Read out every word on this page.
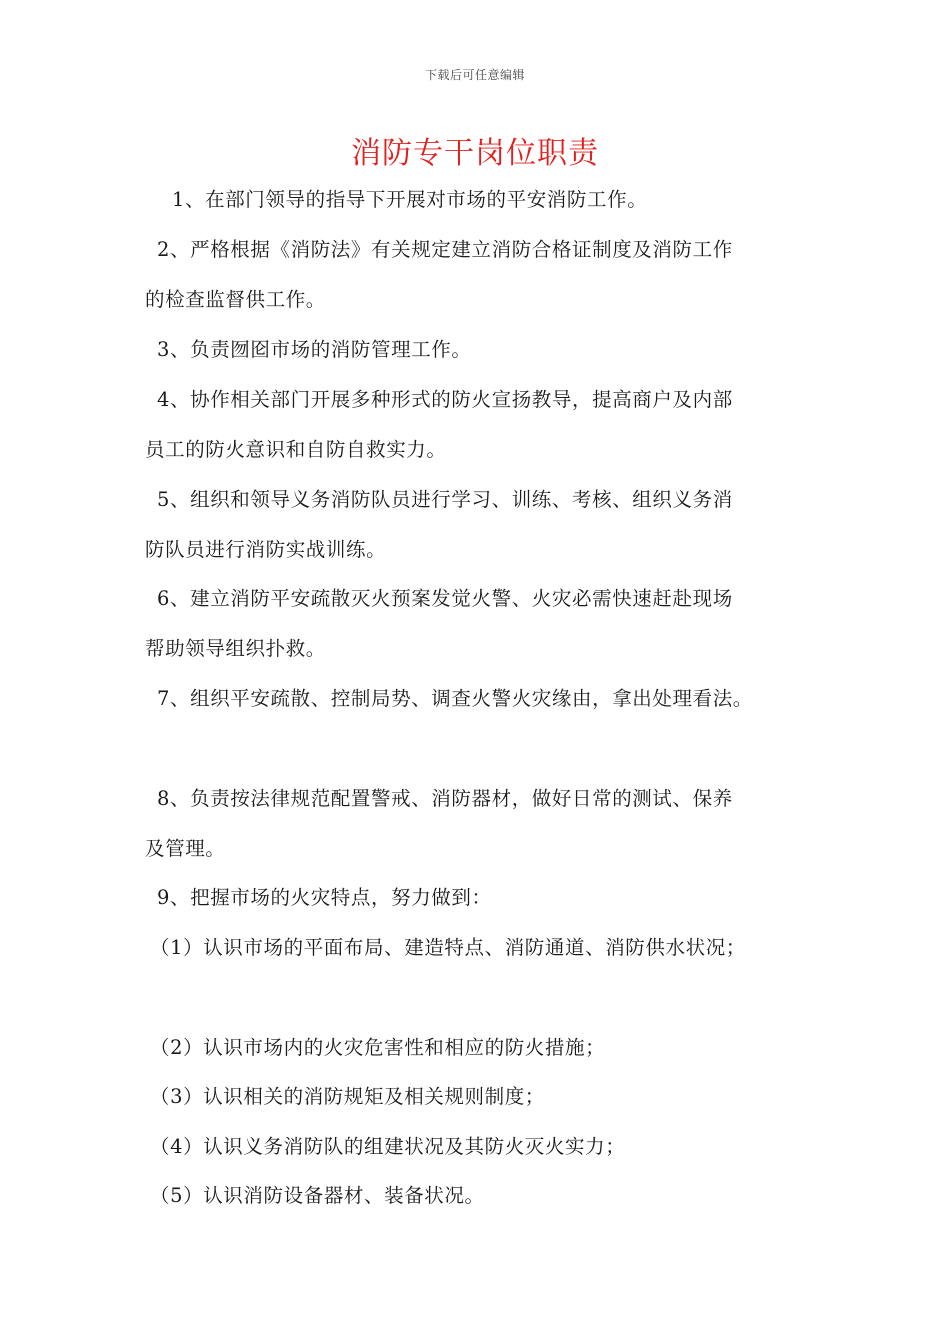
下载后可任意编辑
消防专干岗位职责
1、在部门领导的指导下开展对市场的平安消防工作。
2、严格根据《消防法》有关规定建立消防合格证制度及消防工作
的检查监督供工作。
3、负责囫囵市场的消防管理工作。
4、协作相关部门开展多种形式的防火宣扬教导，提高商户及内部
员工的防火意识和自防自救实力。
5、组织和领导义务消防队员进行学习、训练、考核、组织义务消
防队员进行消防实战训练。
6、建立消防平安疏散灭火预案发觉火警、火灾必需快速赶赴现场
帮助领导组织扑救。
7、组织平安疏散、控制局势、调查火警火灾缘由，拿出处理看法。
8、负责按法律规范配置警戒、消防器材，做好日常的测试、保养
及管理。
9、把握市场的火灾特点，努力做到：
（1）认识市场的平面布局、建造特点、消防通道、消防供水状况；
（2）认识市场内的火灾危害性和相应的防火措施；
（3）认识相关的消防规矩及相关规则制度；
（4）认识义务消防队的组建状况及其防火灭火实力；
（5）认识消防设备器材、装备状况。
